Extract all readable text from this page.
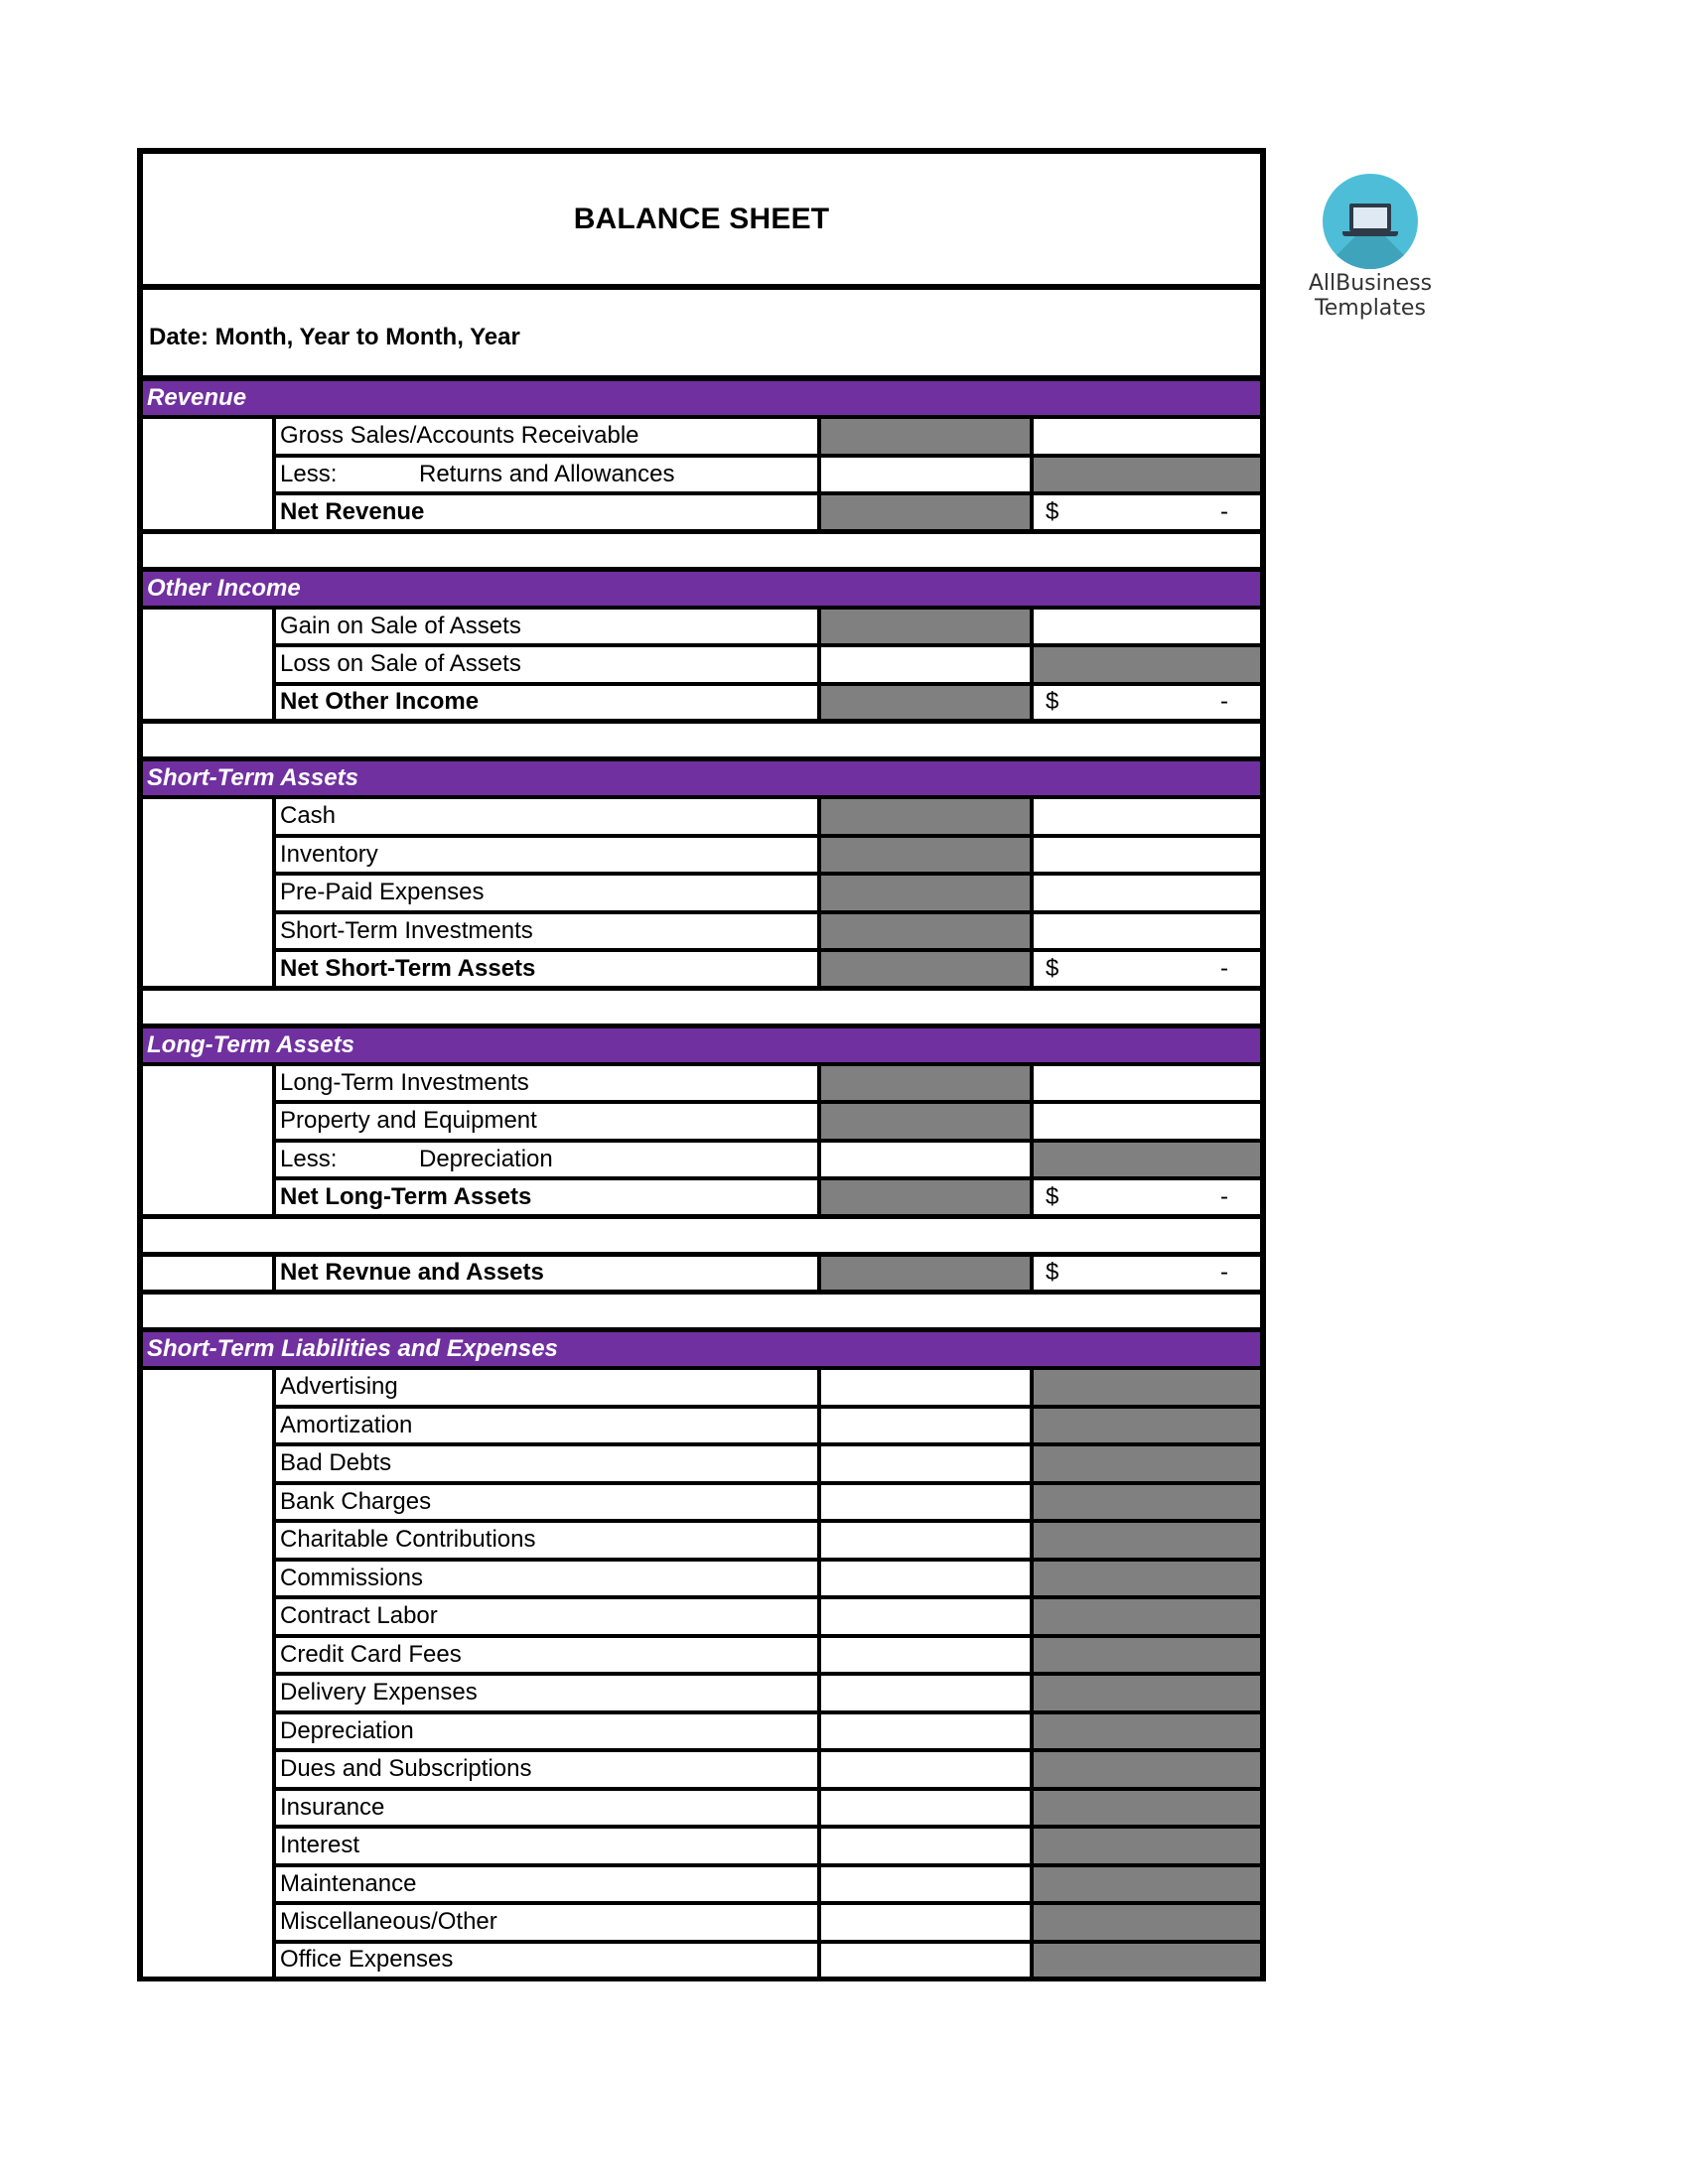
BALANCE SHEET
Date: Month, Year to Month, Year
Revenue
Gross Sales/Accounts Receivable
Less:	Returns and Allowances
Net Revenue	$	-
Other Income
Gain on Sale of Assets
Loss on Sale of Assets
Net Other Income	$	-
Short-Term Assets
Cash
Inventory
Pre-Paid Expenses
Short-Term Investments
Net Short-Term Assets	$	-
Long-Term Assets
Long-Term Investments
Property and Equipment
Less:	Depreciation
Net Long-Term Assets	$	-
Net Revnue and Assets	$	-
Short-Term Liabilities and Expenses
Advertising
Amortization
Bad Debts
Bank Charges
Charitable Contributions
Commissions
Contract Labor
Credit Card Fees
Delivery Expenses
Depreciation
Dues and Subscriptions
Insurance
Interest
Maintenance
Miscellaneous/Other
Office Expenses
AllBusiness
Templates
